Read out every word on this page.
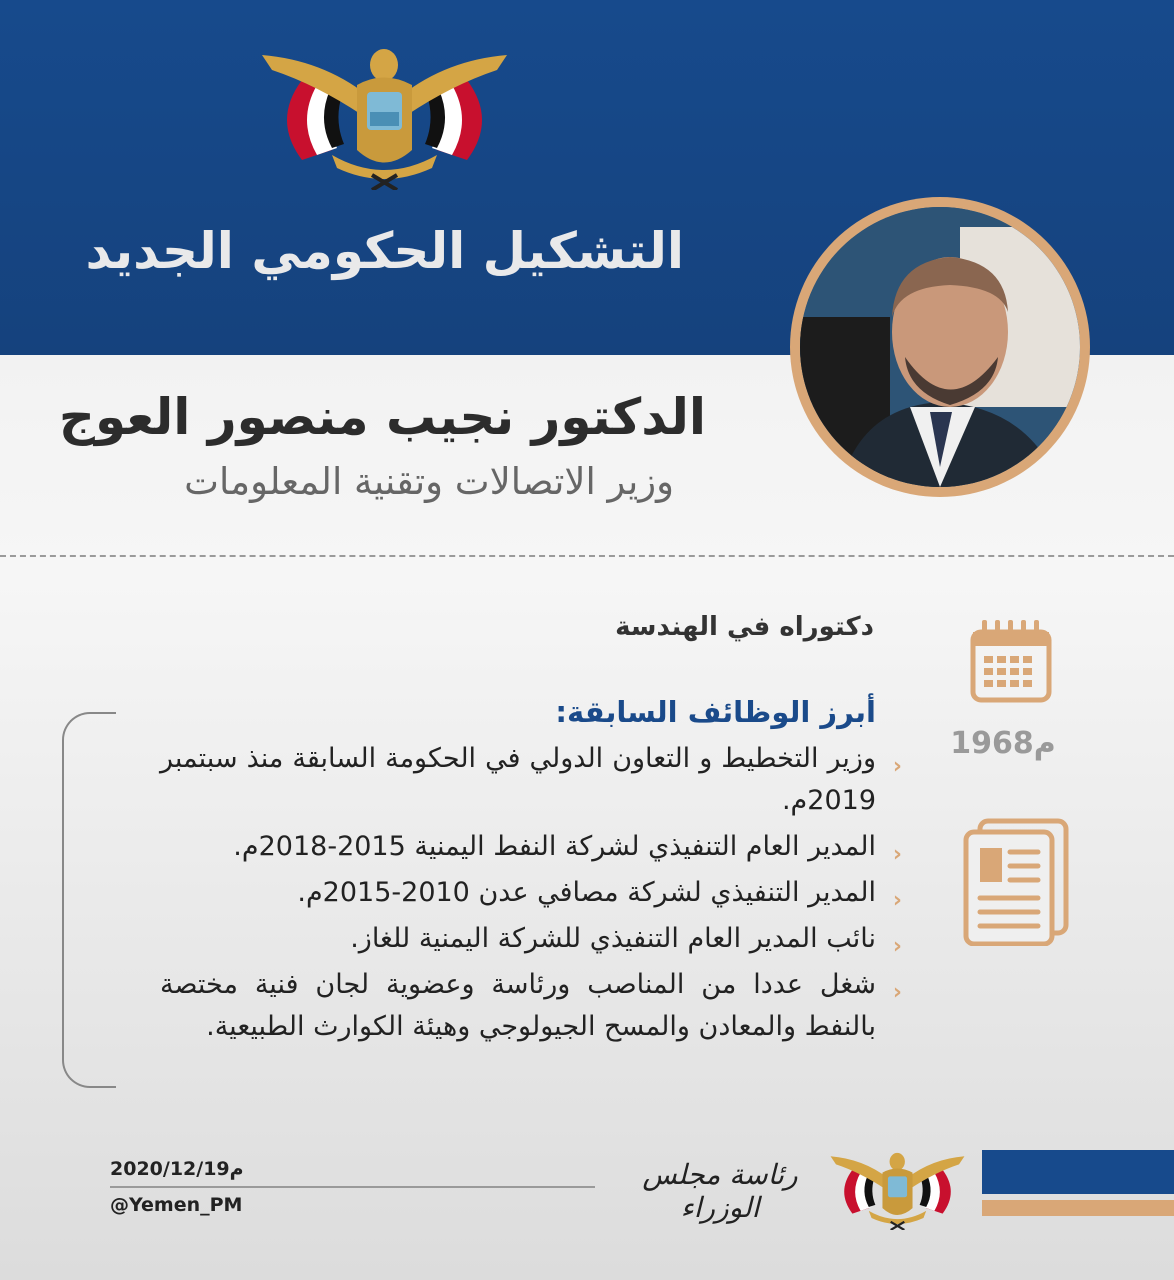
التشكيل الحكومي الجديد
الدكتور نجيب منصور العوج
وزير الاتصالات وتقنية المعلومات
دكتوراه في الهندسة
1968م
أبرز الوظائف السابقة:
‹
وزير التخطيط و التعاون الدولي في الحكومة السابقة منذ سبتمبر 2019م.
‹
المدير العام التنفيذي لشركة النفط اليمنية 2015-2018م.
‹
المدير التنفيذي لشركة مصافي عدن 2010-2015م.
‹
نائب المدير العام التنفيذي للشركة اليمنية للغاز.
‹
شغل عددا من المناصب ورئاسة وعضوية لجان فنية مختصة بالنفط والمعادن والمسح الجيولوجي وهيئة الكوارث الطبيعية.
2020/12/19م
@Yemen_PM
رئاسة مجلس الوزراء
